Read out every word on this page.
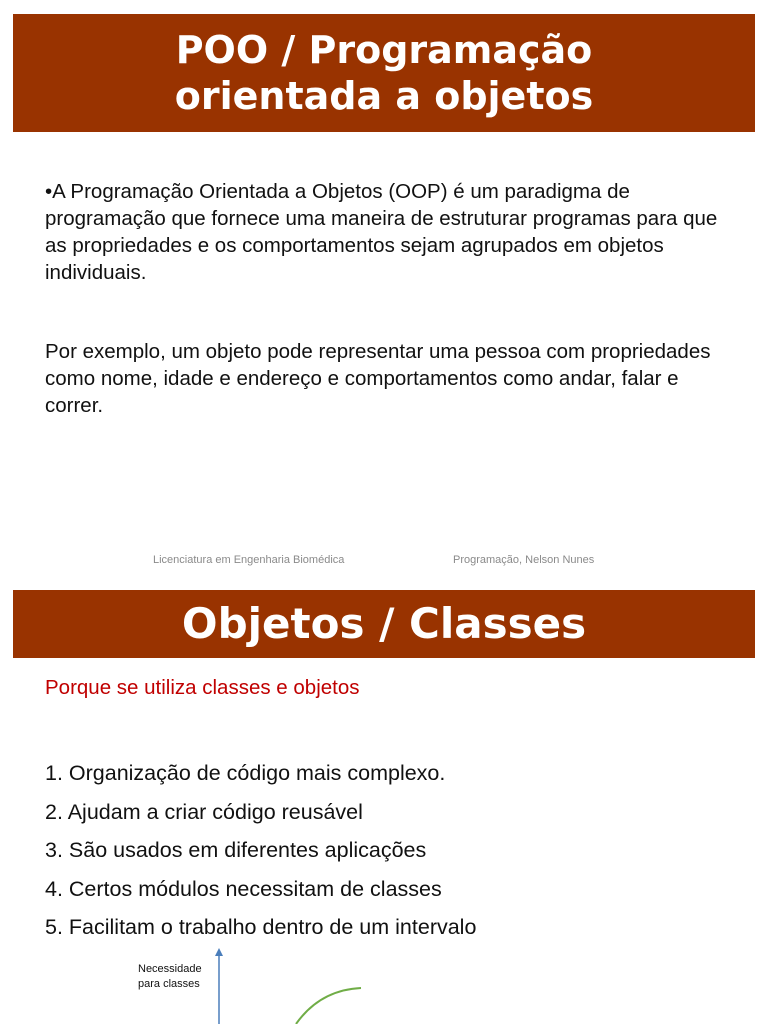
POO / Programação
orientada a objetos
•A Programação Orientada a Objetos (OOP) é um paradigma de programação que fornece uma maneira de estruturar programas para que as propriedades e os comportamentos sejam agrupados em objetos individuais.
Por exemplo, um objeto pode representar uma pessoa com propriedades como nome, idade e endereço e comportamentos como andar, falar e correr.
Licenciatura em Engenharia Biomédica	Programação, Nelson Nunes
Objetos / Classes
Porque se utiliza classes e objetos
1. Organização de código mais complexo.
2. Ajudam a criar código reusável
3. São usados em diferentes aplicações
4. Certos módulos necessitam de classes
5. Facilitam o trabalho dentro de um intervalo
Necessidade
para classes
